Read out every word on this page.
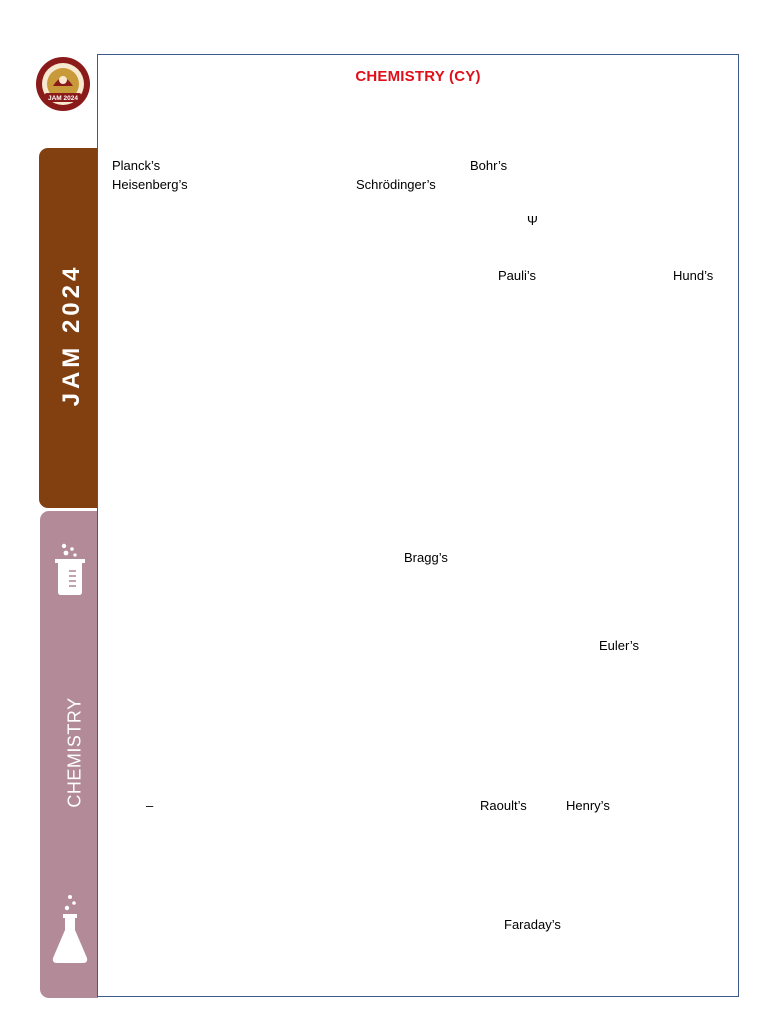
JAM 2024
JAM 2024
CHEMISTRY
CHEMISTRY (CY)
Planck’s	Bohr’s
Heisenberg’s	Schrödinger’s
Ψ
Pauli’s	Hund’s
Bragg’s
Euler’s
–	Raoult’s	Henry’s
Faraday’s
